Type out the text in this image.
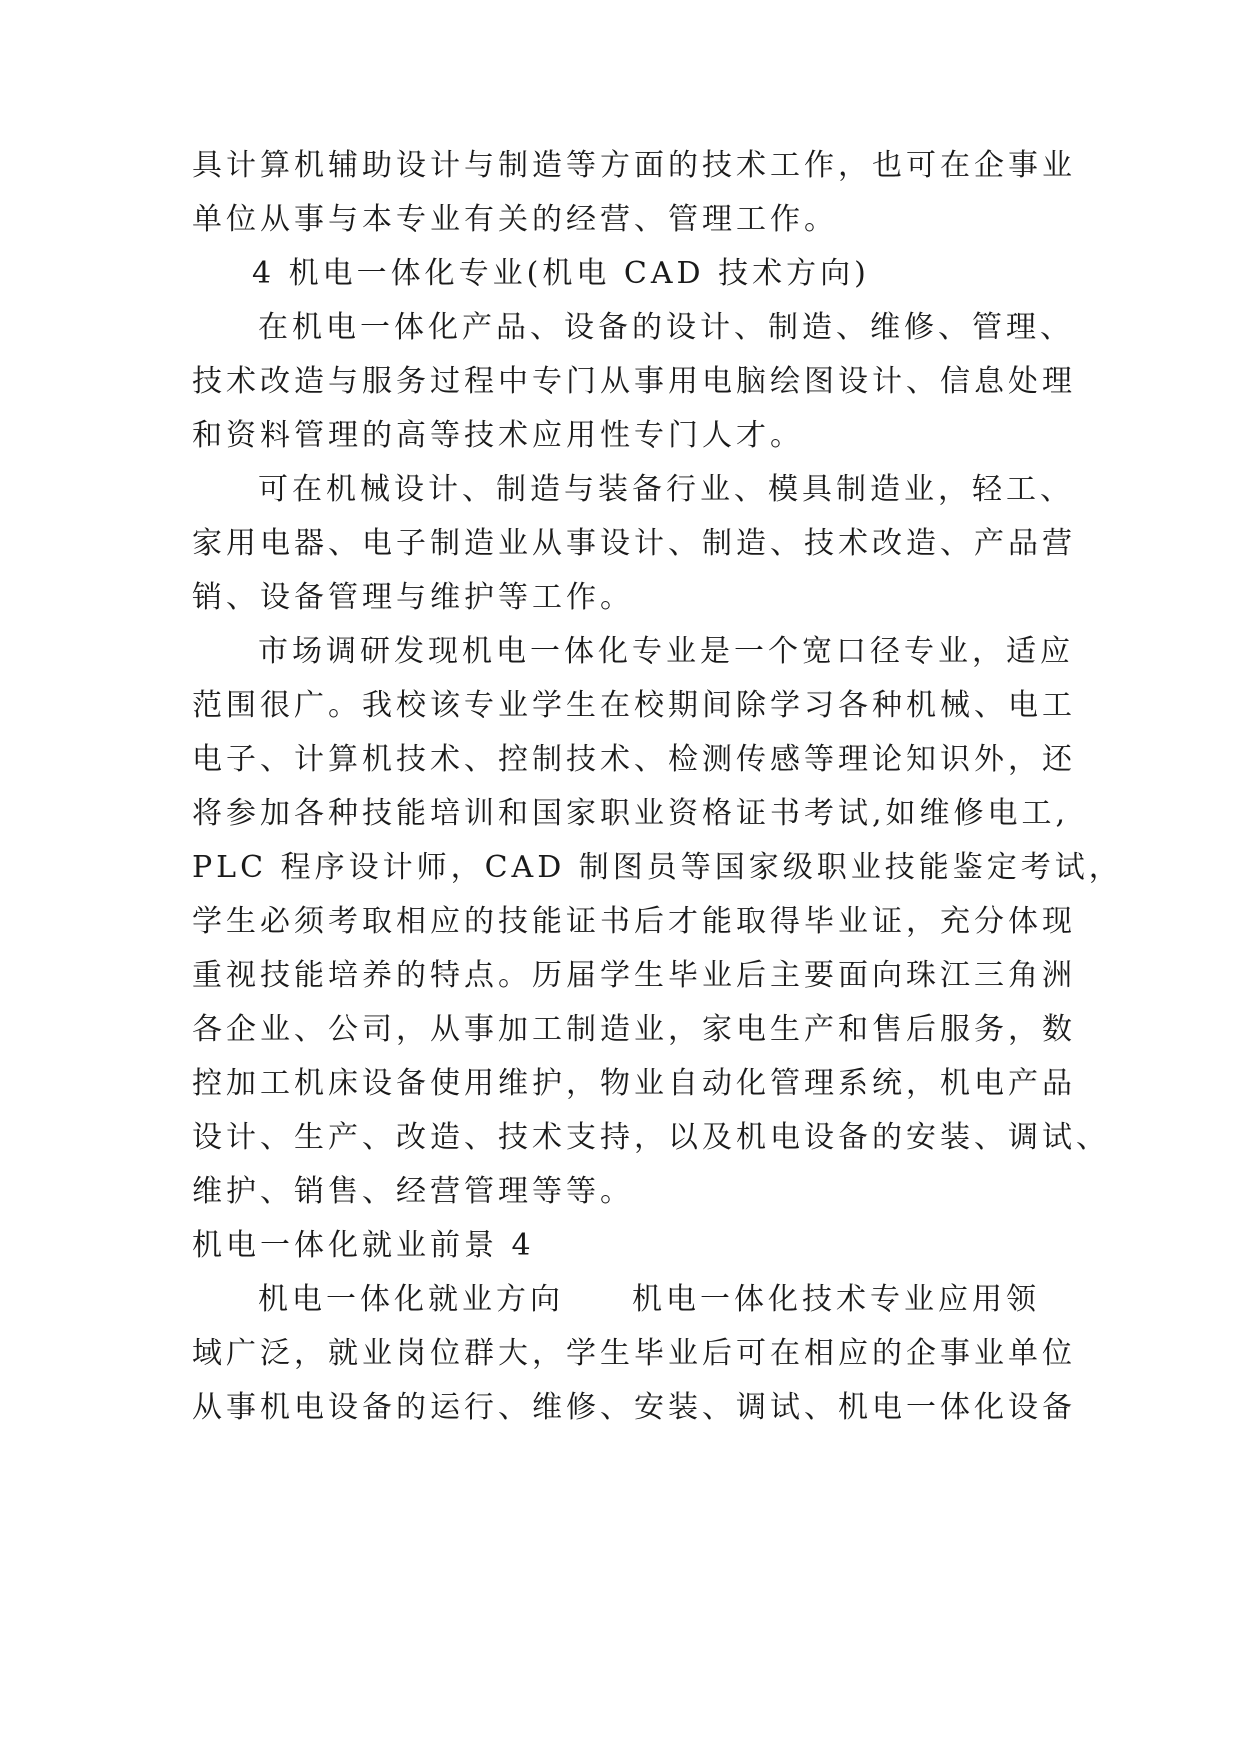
具计算机辅助设计与制造等方面的技术工作，也可在企事业
单位从事与本专业有关的经营、管理工作。
4 机电一体化专业(机电 CAD 技术方向)
在机电一体化产品、设备的设计、制造、维修、管理、
技术改造与服务过程中专门从事用电脑绘图设计、信息处理
和资料管理的高等技术应用性专门人才。
可在机械设计、制造与装备行业、模具制造业，轻工、
家用电器、电子制造业从事设计、制造、技术改造、产品营
销、设备管理与维护等工作。
市场调研发现机电一体化专业是一个宽口径专业，适应
范围很广。我校该专业学生在校期间除学习各种机械、电工
电子、计算机技术、控制技术、检测传感等理论知识外，还
将参加各种技能培训和国家职业资格证书考试,如维修电工,
PLC 程序设计师，CAD 制图员等国家级职业技能鉴定考试，
学生必须考取相应的技能证书后才能取得毕业证，充分体现
重视技能培养的特点。历届学生毕业后主要面向珠江三角洲
各企业、公司，从事加工制造业，家电生产和售后服务，数
控加工机床设备使用维护，物业自动化管理系统，机电产品
设计、生产、改造、技术支持，以及机电设备的安装、调试、
维护、销售、经营管理等等。
机电一体化就业前景 4
机电一体化就业方向　　机电一体化技术专业应用领
域广泛，就业岗位群大，学生毕业后可在相应的企事业单位
从事机电设备的运行、维修、安装、调试、机电一体化设备
